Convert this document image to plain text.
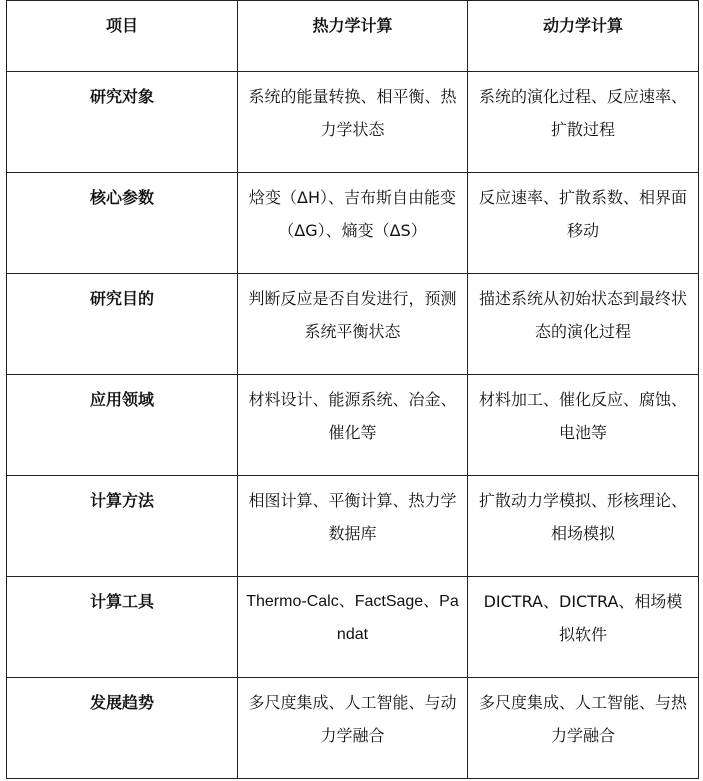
项目	热力学计算	动力学计算

研究对象	系统的能量转换、相平衡、热力学状态	系统的演化过程、反应速率、扩散过程

核心参数	焓变（ΔH）、吉布斯自由能变（ΔG）、熵变（ΔS）	反应速率、扩散系数、相界面移动

研究目的	判断反应是否自发进行，预测系统平衡状态	描述系统从初始状态到最终状态的演化过程

应用领域	材料设计、能源系统、冶金、催化等	材料加工、催化反应、腐蚀、电池等

计算方法	相图计算、平衡计算、热力学数据库	扩散动力学模拟、形核理论、相场模拟

计算工具	Thermo-Calc、FactSage、Pandat	DICTRA、DICTRA、相场模拟软件

发展趋势	多尺度集成、人工智能、与动力学融合	多尺度集成、人工智能、与热力学融合
